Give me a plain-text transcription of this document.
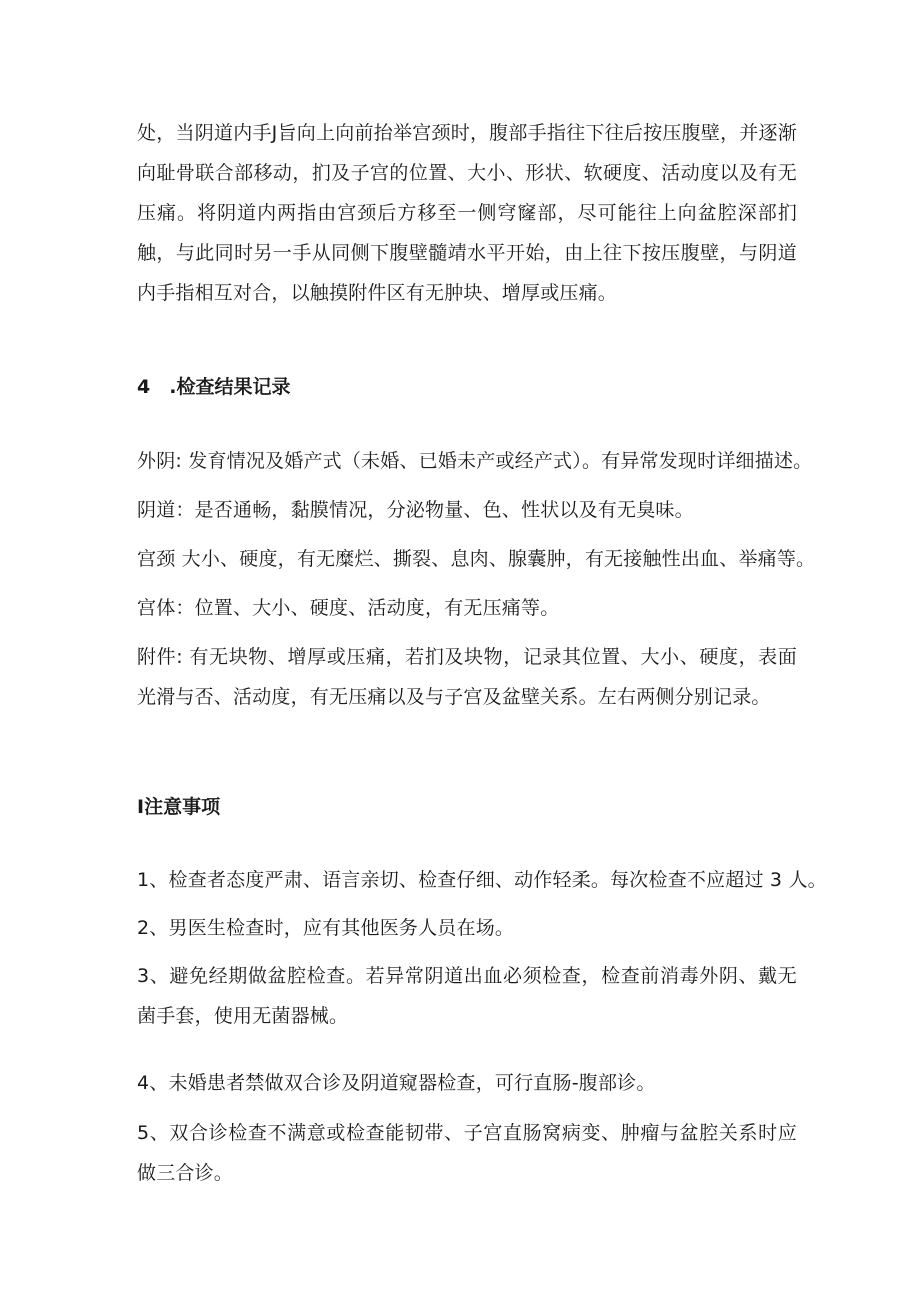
处，当阴道内手J旨向上向前抬举宫颈时，腹部手指往下往后按压腹壁，并逐渐向耻骨联合部移动，扪及子宫的位置、大小、形状、软硬度、活动度以及有无压痛。将阴道内两指由宫颈后方移至一侧穹窿部，尽可能往上向盆腔深部扪触，与此同时另一手从同侧下腹壁髓靖水平开始，由上往下按压腹壁，与阴道内手指相互对合，以触摸附件区有无肿块、增厚或压痛。

4　.检查结果记录

外阴: 发育情况及婚产式（未婚、已婚未产或经产式）。有异常发现时详细描述。

阴道：是否通畅，黏膜情况，分泌物量、色、性状以及有无臭味。

宫颈 大小、硬度，有无糜烂、撕裂、息肉、腺囊肿，有无接触性出血、举痛等。

宫体：位置、大小、硬度、活动度，有无压痛等。

附件: 有无块物、增厚或压痛，若扪及块物，记录其位置、大小、硬度，表面光滑与否、活动度，有无压痛以及与子宫及盆壁关系。左右两侧分别记录。

I注意事项

1、检查者态度严肃、语言亲切、检查仔细、动作轻柔。每次检查不应超过 3 人。

2、男医生检查时，应有其他医务人员在场。

3、避免经期做盆腔检查。若异常阴道出血必须检查，检查前消毒外阴、戴无菌手套，使用无菌器械。

4、未婚患者禁做双合诊及阴道窥器检查，可行直肠-腹部诊。

5、双合诊检查不满意或检查能韧带、子宫直肠窝病变、肿瘤与盆腔关系时应做三合诊。
